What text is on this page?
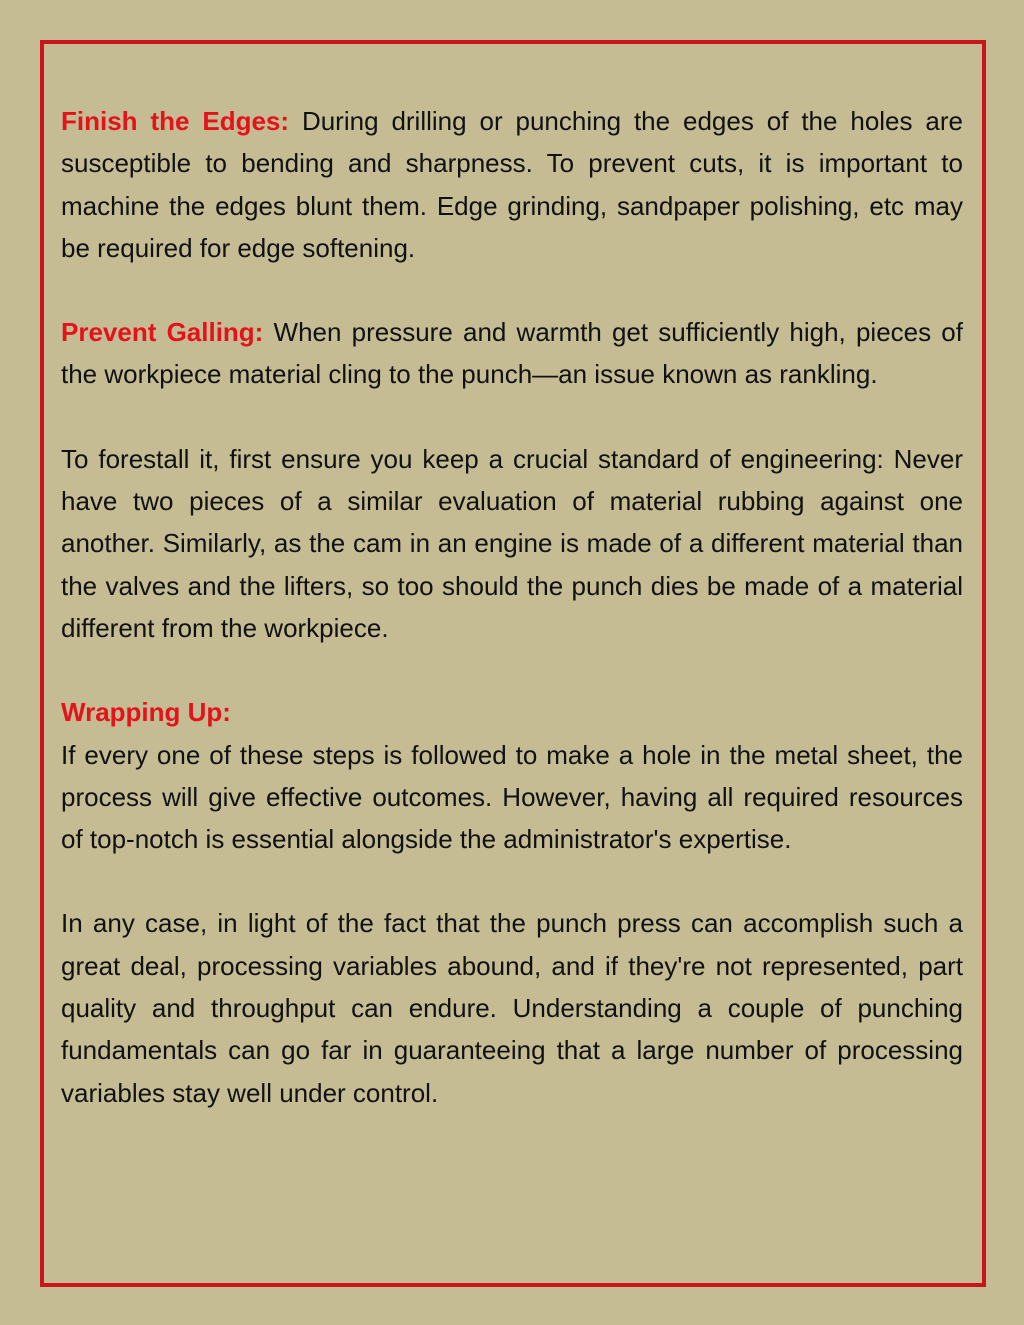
Finish the Edges: During drilling or punching the edges of the holes are susceptible to bending and sharpness. To prevent cuts, it is important to machine the edges blunt them. Edge grinding, sandpaper polishing, etc may be required for edge softening.

Prevent Galling: When pressure and warmth get sufficiently high, pieces of the workpiece material cling to the punch—an issue known as rankling.

To forestall it, first ensure you keep a crucial standard of engineering: Never have two pieces of a similar evaluation of material rubbing against one another. Similarly, as the cam in an engine is made of a different material than the valves and the lifters, so too should the punch dies be made of a material different from the workpiece.

Wrapping Up:
If every one of these steps is followed to make a hole in the metal sheet, the process will give effective outcomes. However, having all required resources of top-notch is essential alongside the administrator's expertise.

In any case, in light of the fact that the punch press can accomplish such a great deal, processing variables abound, and if they're not represented, part quality and throughput can endure. Understanding a couple of punching fundamentals can go far in guaranteeing that a large number of processing variables stay well under control.
